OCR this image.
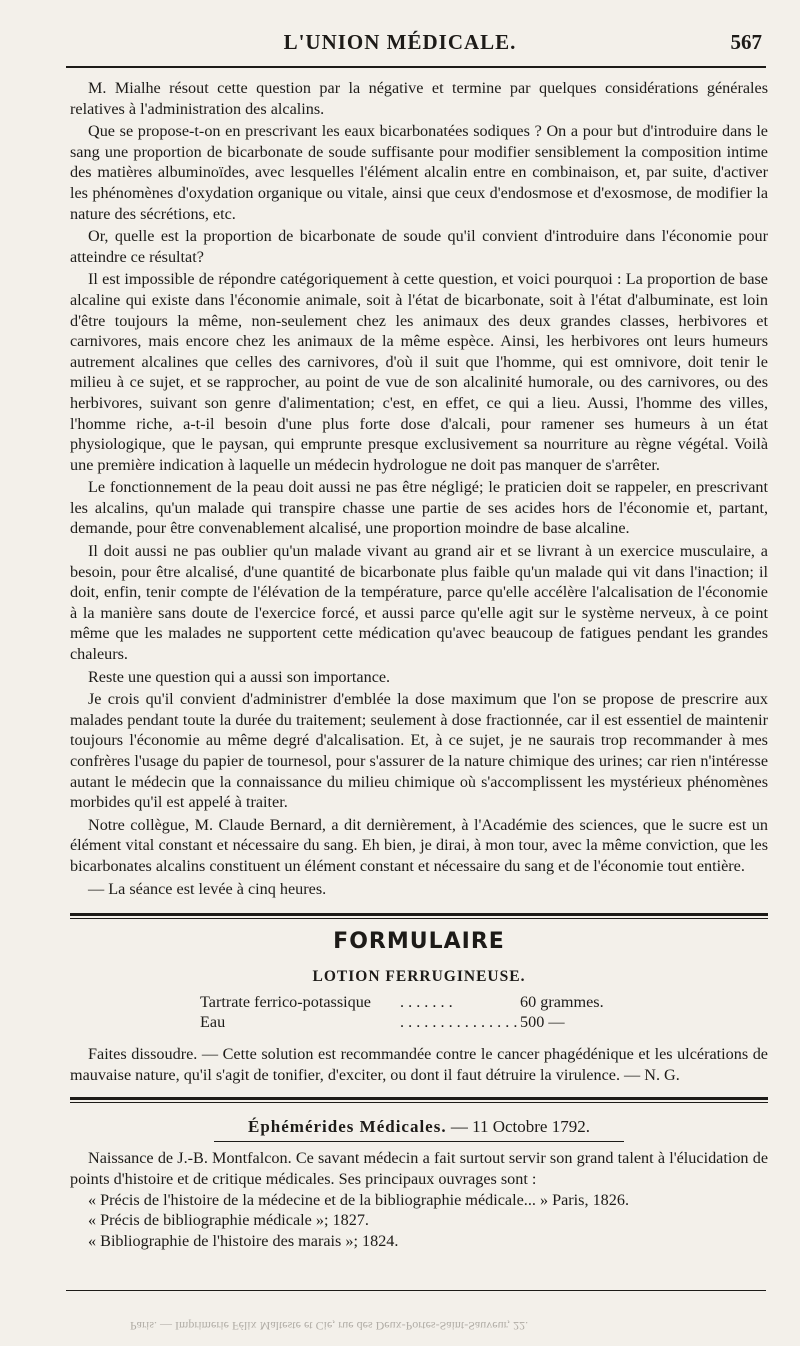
L'UNION MÉDICALE.	567

M. Mialhe résout cette question par la négative et termine par quelques considérations générales relatives à l'administration des alcalins.

Que se propose-t-on en prescrivant les eaux bicarbonatées sodiques ? On a pour but d'introduire dans le sang une proportion de bicarbonate de soude suffisante pour modifier sensiblement la composition intime des matières albuminoïdes, avec lesquelles l'élément alcalin entre en combinaison, et, par suite, d'activer les phénomènes d'oxydation organique ou vitale, ainsi que ceux d'endosmose et d'exosmose, de modifier la nature des sécrétions, etc.

Or, quelle est la proportion de bicarbonate de soude qu'il convient d'introduire dans l'économie pour atteindre ce résultat?

Il est impossible de répondre catégoriquement à cette question, et voici pourquoi : La proportion de base alcaline qui existe dans l'économie animale, soit à l'état de bicarbonate, soit à l'état d'albuminate, est loin d'être toujours la même, non-seulement chez les animaux des deux grandes classes, herbivores et carnivores, mais encore chez les animaux de la même espèce. Ainsi, les herbivores ont leurs humeurs autrement alcalines que celles des carnivores, d'où il suit que l'homme, qui est omnivore, doit tenir le milieu à ce sujet, et se rapprocher, au point de vue de son alcalinité humorale, ou des carnivores, ou des herbivores, suivant son genre d'alimentation; c'est, en effet, ce qui a lieu. Aussi, l'homme des villes, l'homme riche, a-t-il besoin d'une plus forte dose d'alcali, pour ramener ses humeurs à un état physiologique, que le paysan, qui emprunte presque exclusivement sa nourriture au règne végétal. Voilà une première indication à laquelle un médecin hydrologue ne doit pas manquer de s'arrêter.

Le fonctionnement de la peau doit aussi ne pas être négligé; le praticien doit se rappeler, en prescrivant les alcalins, qu'un malade qui transpire chasse une partie de ses acides hors de l'économie et, partant, demande, pour être convenablement alcalisé, une proportion moindre de base alcaline.

Il doit aussi ne pas oublier qu'un malade vivant au grand air et se livrant à un exercice musculaire, a besoin, pour être alcalisé, d'une quantité de bicarbonate plus faible qu'un malade qui vit dans l'inaction; il doit, enfin, tenir compte de l'élévation de la température, parce qu'elle accélère l'alcalisation de l'économie à la manière sans doute de l'exercice forcé, et aussi parce qu'elle agit sur le système nerveux, à ce point même que les malades ne supportent cette médication qu'avec beaucoup de fatigues pendant les grandes chaleurs.

Reste une question qui a aussi son importance.

Je crois qu'il convient d'administrer d'emblée la dose maximum que l'on se propose de prescrire aux malades pendant toute la durée du traitement; seulement à dose fractionnée, car il est essentiel de maintenir toujours l'économie au même degré d'alcalisation. Et, à ce sujet, je ne saurais trop recommander à mes confrères l'usage du papier de tournesol, pour s'assurer de la nature chimique des urines; car rien n'intéresse autant le médecin que la connaissance du milieu chimique où s'accomplissent les mystérieux phénomènes morbides qu'il est appelé à traiter.

Notre collègue, M. Claude Bernard, a dit dernièrement, à l'Académie des sciences, que le sucre est un élément vital constant et nécessaire du sang. Eh bien, je dirai, à mon tour, avec la même conviction, que les bicarbonates alcalins constituent un élément constant et nécessaire du sang et de l'économie tout entière.

— La séance est levée à cinq heures.

FORMULAIRE

LOTION FERRUGINEUSE.

Tartrate ferrico-potassique . . . . . . .	60 grammes.
Eau	. . . . . . . . . . . . . . . 500 —

Faites dissoudre. — Cette solution est recommandée contre le cancer phagédénique et les ulcérations de mauvaise nature, qu'il s'agit de tonifier, d'exciter, ou dont il faut détruire la virulence. — N. G.

Éphémérides Médicales. — 11 Octobre 1792.

Naissance de J.-B. Montfalcon. Ce savant médecin a fait surtout servir son grand talent à l'élucidation de points d'histoire et de critique médicales. Ses principaux ouvrages sont :

« Précis de l'histoire de la médecine et de la bibliographie médicale... » Paris, 1826.

« Précis de bibliographie médicale »; 1827.

« Bibliographie de l'histoire des marais »; 1824.

Paris. — Imprimerie Félix Malteste et Cie, rue des Deux-Portes-Saint-Sauveur, 22.
